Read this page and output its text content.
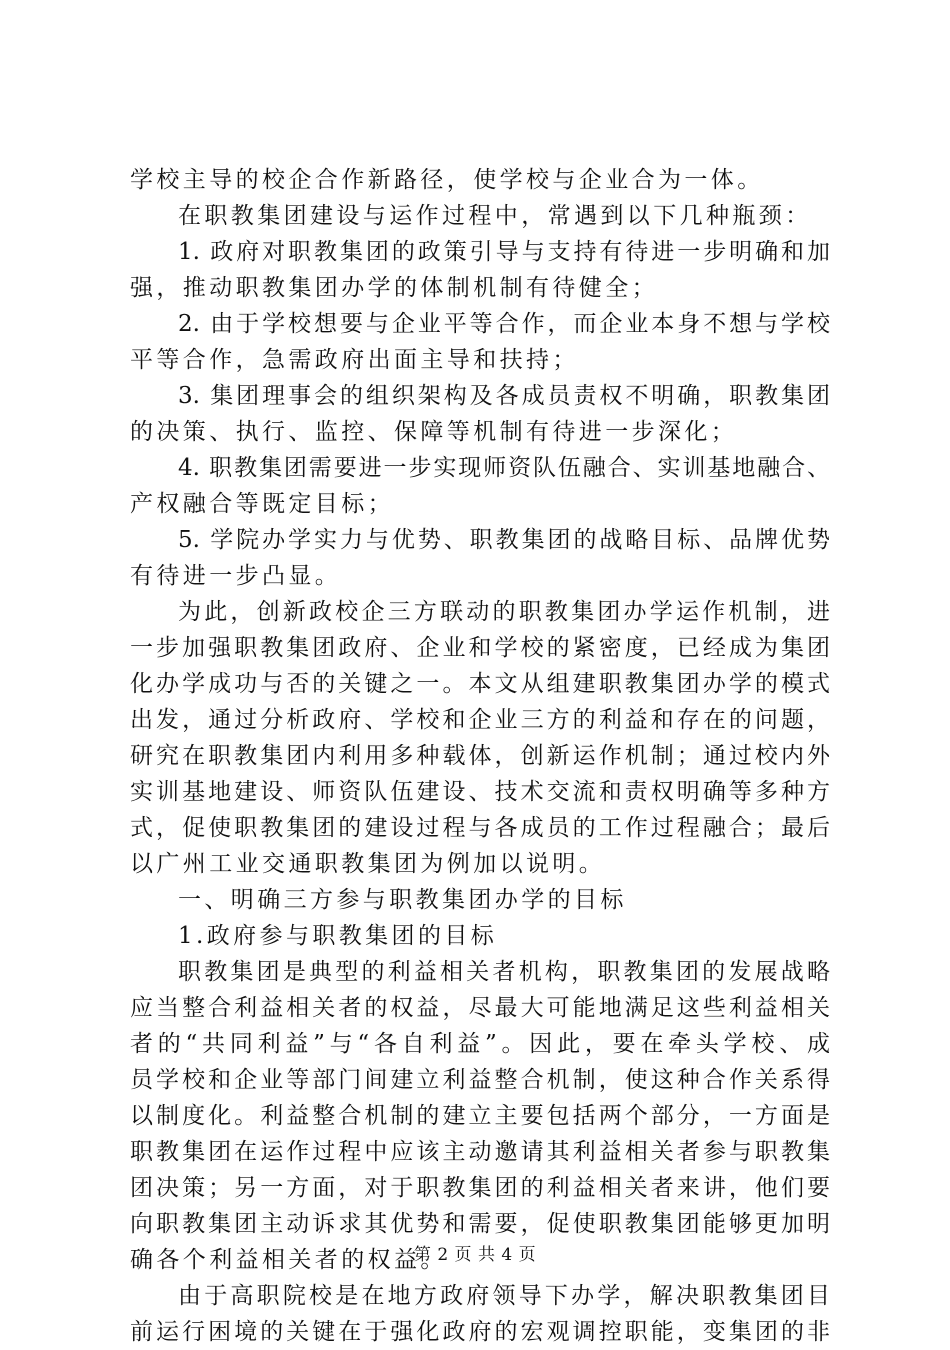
学校主导的校企合作新路径，使学校与企业合为一体。
在职教集团建设与运作过程中，常遇到以下几种瓶颈：
1. 政府对职教集团的政策引导与支持有待进一步明确和加
强，推动职教集团办学的体制机制有待健全；
2. 由于学校想要与企业平等合作，而企业本身不想与学校
平等合作，急需政府出面主导和扶持；
3. 集团理事会的组织架构及各成员责权不明确，职教集团
的决策、执行、监控、保障等机制有待进一步深化；
4. 职教集团需要进一步实现师资队伍融合、实训基地融合、
产权融合等既定目标；
5. 学院办学实力与优势、职教集团的战略目标、品牌优势
有待进一步凸显。
为此，创新政校企三方联动的职教集团办学运作机制，进
一步加强职教集团政府、企业和学校的紧密度，已经成为集团
化办学成功与否的关键之一。本文从组建职教集团办学的模式
出发，通过分析政府、学校和企业三方的利益和存在的问题，
研究在职教集团内利用多种载体，创新运作机制；通过校内外
实训基地建设、师资队伍建设、技术交流和责权明确等多种方
式，促使职教集团的建设过程与各成员的工作过程融合；最后
以广州工业交通职教集团为例加以说明。
一、明确三方参与职教集团办学的目标
1.政府参与职教集团的目标
职教集团是典型的利益相关者机构，职教集团的发展战略
应当整合利益相关者的权益，尽最大可能地满足这些利益相关
者的“共同利益”与“各自利益”。因此，要在牵头学校、成
员学校和企业等部门间建立利益整合机制，使这种合作关系得
以制度化。利益整合机制的建立主要包括两个部分，一方面是
职教集团在运作过程中应该主动邀请其利益相关者参与职教集
团决策；另一方面，对于职教集团的利益相关者来讲，他们要
向职教集团主动诉求其优势和需要，促使职教集团能够更加明
确各个利益相关者的权益。
由于高职院校是在地方政府领导下办学，解决职教集团目
前运行困境的关键在于强化政府的宏观调控职能，变集团的非
第 2 页 共 4 页
